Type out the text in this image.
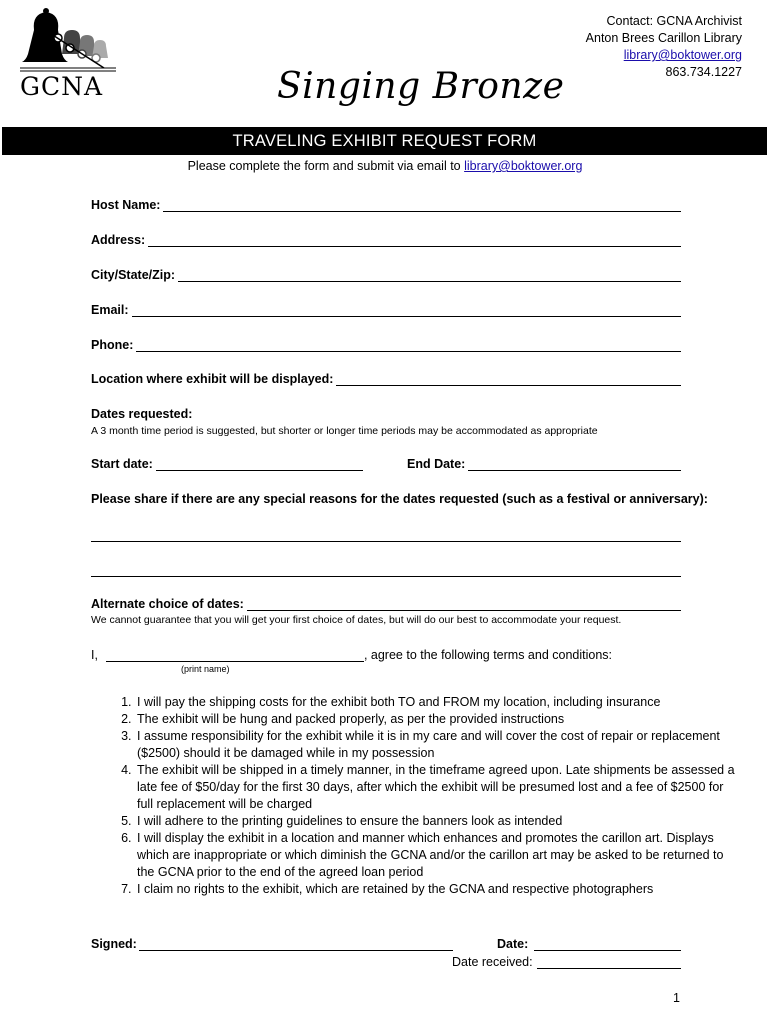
GCNA	Singing Bronze
Contact: GCNA Archivist
Anton Brees Carillon Library
library@boktower.org
863.734.1227
TRAVELING EXHIBIT REQUEST FORM
Please complete the form and submit via email to library@boktower.org
Host Name:
Address:
City/State/Zip:
Email:
Phone:
Location where exhibit will be displayed:
Dates requested:
A 3 month time period is suggested, but shorter or longer time periods may be accommodated as appropriate
Start date:	End Date:
Please share if there are any special reasons for the dates requested (such as a festival or anniversary):
Alternate choice of dates:
We cannot guarantee that you will get your first choice of dates, but will do our best to accommodate your request.
I,	, agree to the following terms and conditions:
(print name)
1. I will pay the shipping costs for the exhibit both TO and FROM my location, including insurance
2. The exhibit will be hung and packed properly, as per the provided instructions
3. I assume responsibility for the exhibit while it is in my care and will cover the cost of repair or replacement ($2500) should it be damaged while in my possession
4. The exhibit will be shipped in a timely manner, in the timeframe agreed upon. Late shipments be assessed a late fee of $50/day for the first 30 days, after which the exhibit will be presumed lost and a fee of $2500 for full replacement will be charged
5. I will adhere to the printing guidelines to ensure the banners look as intended
6. I will display the exhibit in a location and manner which enhances and promotes the carillon art. Displays which are inappropriate or which diminish the GCNA and/or the carillon art may be asked to be returned to the GCNA prior to the end of the agreed loan period
7. I claim no rights to the exhibit, which are retained by the GCNA and respective photographers
Signed:	Date:
Date received:
1
